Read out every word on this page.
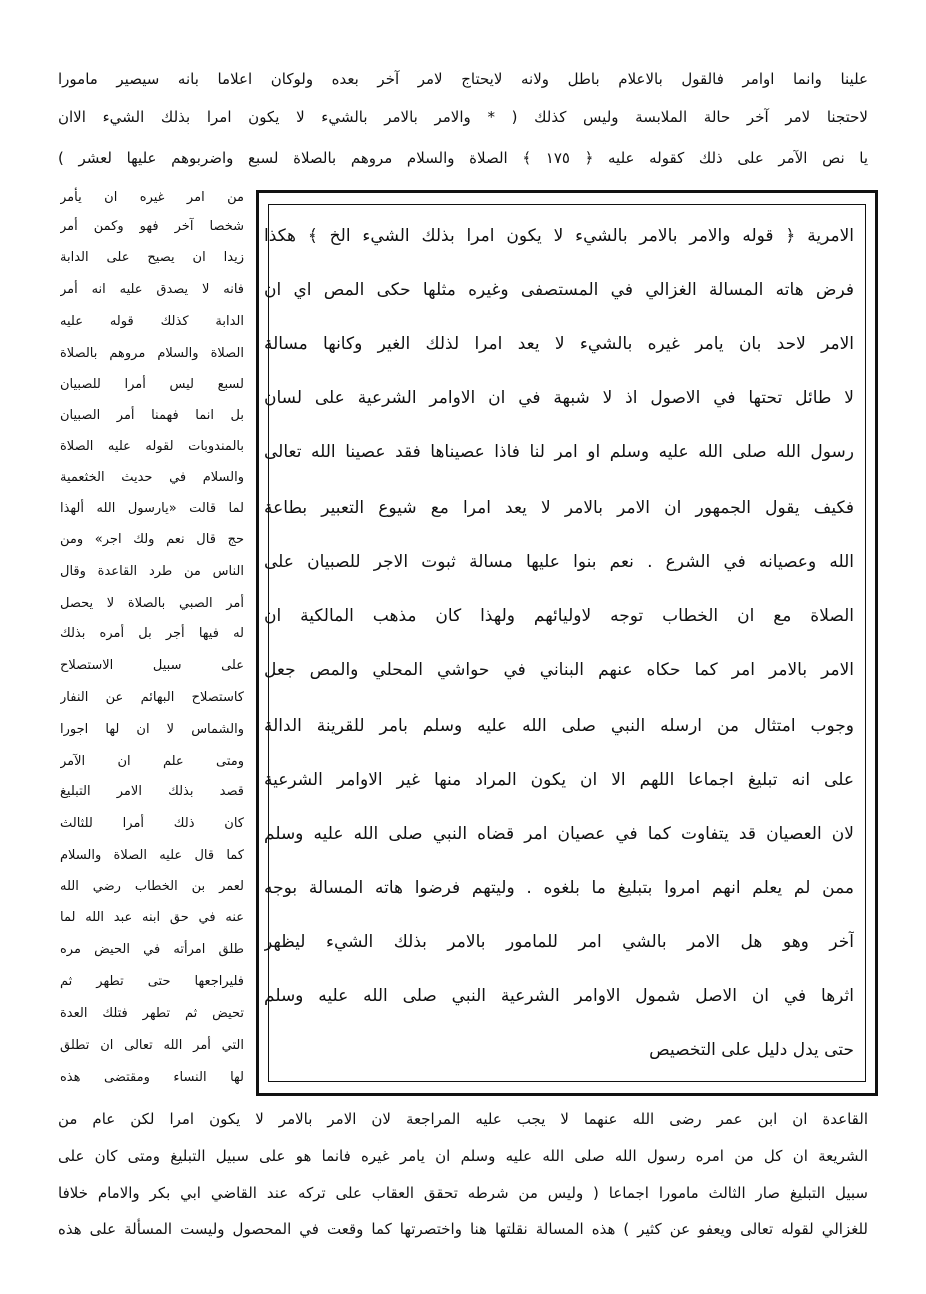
علينا وانما اوامر فالقول بالاعلام باطل ولانه لايحتاج لامر آخر بعده ولوكان اعلاما بانه سيصير مامورا
لاحتجنا لامر آخر حالة الملابسة وليس كذلك ( * والامر بالامر بالشيء لا يكون امرا بذلك الشيء الاان
يا نص الآمر على ذلك كقوله عليه ﴿ ١٧٥ ﴾ الصلاة والسلام مروهم بالصلاة لسبع واضربوهم عليها لعشر )
الامرية ﴿ قوله والامر بالامر بالشيء لا يكون امرا بذلك الشيء الخ ﴾ هكذا
فرض هاته المسالة الغزالي في المستصفى وغيره مثلها حكى المص اي ان
الامر لاحد بان يامر غيره بالشيء لا يعد امرا لذلك الغير وكانها مسالة
لا طائل تحتها في الاصول اذ لا شبهة في ان الاوامر الشرعية على لسان
رسول الله صلى الله عليه وسلم او امر لنا فاذا عصيناها فقد عصينا الله تعالى
فكيف يقول الجمهور ان الامر بالامر لا يعد امرا مع شيوع التعبير بطاعة
الله وعصيانه في الشرع . نعم بنوا عليها مسالة ثبوت الاجر للصبيان على
الصلاة مع ان الخطاب توجه لاوليائهم ولهذا كان مذهب المالكية ان
الامر بالامر امر كما حكاه عنهم البناني في حواشي المحلي والمص جعل
وجوب امتثال من ارسله النبي صلى الله عليه وسلم بامر للقرينة الدالة
على انه تبليغ اجماعا اللهم الا ان يكون المراد منها غير الاوامر الشرعية
لان العصيان قد يتفاوت كما في عصيان امر قضاه النبي صلى الله عليه وسلم
ممن لم يعلم انهم امروا بتبليغ ما بلغوه . وليتهم فرضوا هاته المسالة بوجه
آخر وهو هل الامر بالشي امر للمامور بالامر بذلك الشيء ليظهر
اثرها في ان الاصل شمول الاوامر الشرعية النبي صلى الله عليه وسلم
حتى يدل دليل على التخصيص
من امر غيره ان يأمر
شخصا آخر فهو وكمن أمر
زيدا ان يصيح على الدابة
فانه لا يصدق عليه انه أمر
الدابة كذلك قوله عليه
الصلاة والسلام مروهم بالصلاة
لسبع ليس أمرا للصبيان
بل انما فهمنا أمر الصبيان
بالمندوبات لقوله عليه الصلاة
والسلام في حديث الخثعمية
لما قالت «يارسول الله ألهذا
حج قال نعم ولك اجر» ومن
الناس من طرد القاعدة وقال
أمر الصبي بالصلاة لا يحصل
له فيها أجر بل أمره بذلك
على سبيل الاستصلاح
كاستصلاح البهائم عن النفار
والشماس لا ان لها اجورا
ومتى علم ان الآمر
قصد بذلك الامر التبليغ
كان ذلك أمرا للثالث
كما قال عليه الصلاة والسلام
لعمر بن الخطاب رضي الله
عنه في حق ابنه عبد الله لما
طلق امرأته في الحيض مره
فليراجعها حتى تطهر ثم
تحيض ثم تطهر فتلك العدة
التي أمر الله تعالى ان تطلق
لها النساء ومقتضى هذه
القاعدة ان ابن عمر رضى الله عنهما لا يجب عليه المراجعة لان الامر بالامر لا يكون امرا لكن عام من
الشريعة ان كل من امره رسول الله صلى الله عليه وسلم ان يامر غيره فانما هو على سبيل التبليغ ومتى كان على
سبيل التبليغ صار الثالث مامورا اجماعا ( وليس من شرطه تحقق العقاب على تركه عند القاضي ابي بكر والامام خلافا
للغزالي لقوله تعالى ويعفو عن كثير ) هذه المسالة نقلتها هنا واختصرتها كما وقعت في المحصول وليست المسألة على هذه
